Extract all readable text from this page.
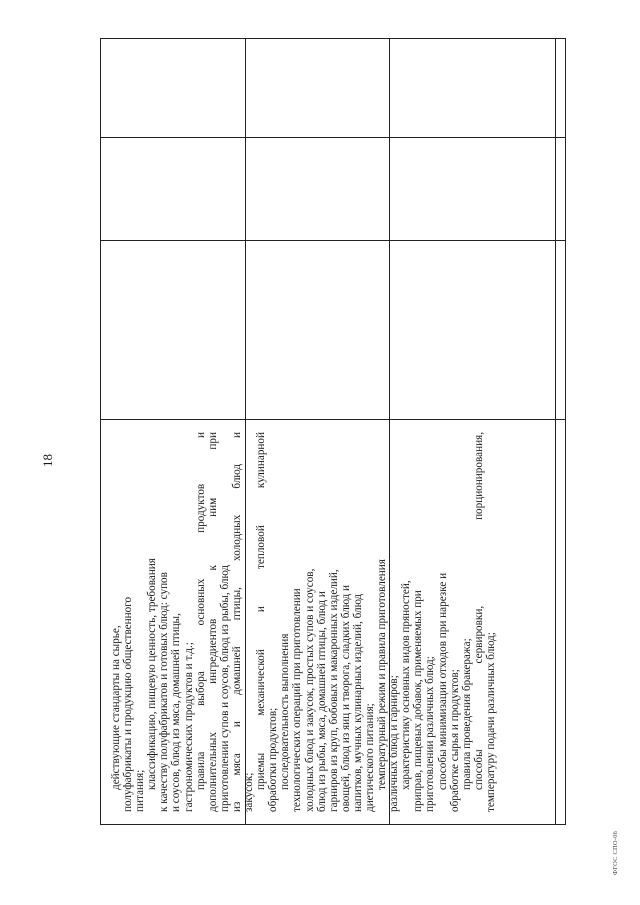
18
действующие стандарты на сырье, полуфабрикаты и продукцию общественного питания;
классификацию, пищевую ценность, требования к качеству полуфабрикатов и готовых блюд: супов и соусов, блюд из мяса, домашней птицы, гастрономических продуктов и т.д.; правила выбора основных продуктов и дополнительных ингредиентов к ним при приготовлении супов и соусов, блюд из рыбы, блюд из мяса и домашней птицы, холодных блюд и закусок;
приемы механической и тепловой кулинарной обработки продуктов; последовательность выполнения технологических операций при приготовлении холодных блюд и закусок, простых супов и соусов, блюд из рыбы, мяса, домашней птицы, блюд и гарниров из круп, бобовых и макаронных изделий, овощей, блюд из яиц и творога, сладких блюд и напитков, мучных кулинарных изделий, блюд диетического питания; температурный режим и правила приготовления различных блюд и гарниров; характеристику основных видов пряностей, приправ, пищевых добавок, применяемых при приготовлении различных блюд; способы минимизации отходов при нарезке и обработке сырья и продуктов; правила проведения бракеража; способы сервировки, порционирования, температуру подачи различных блюд;
ФГОС СПО-06
